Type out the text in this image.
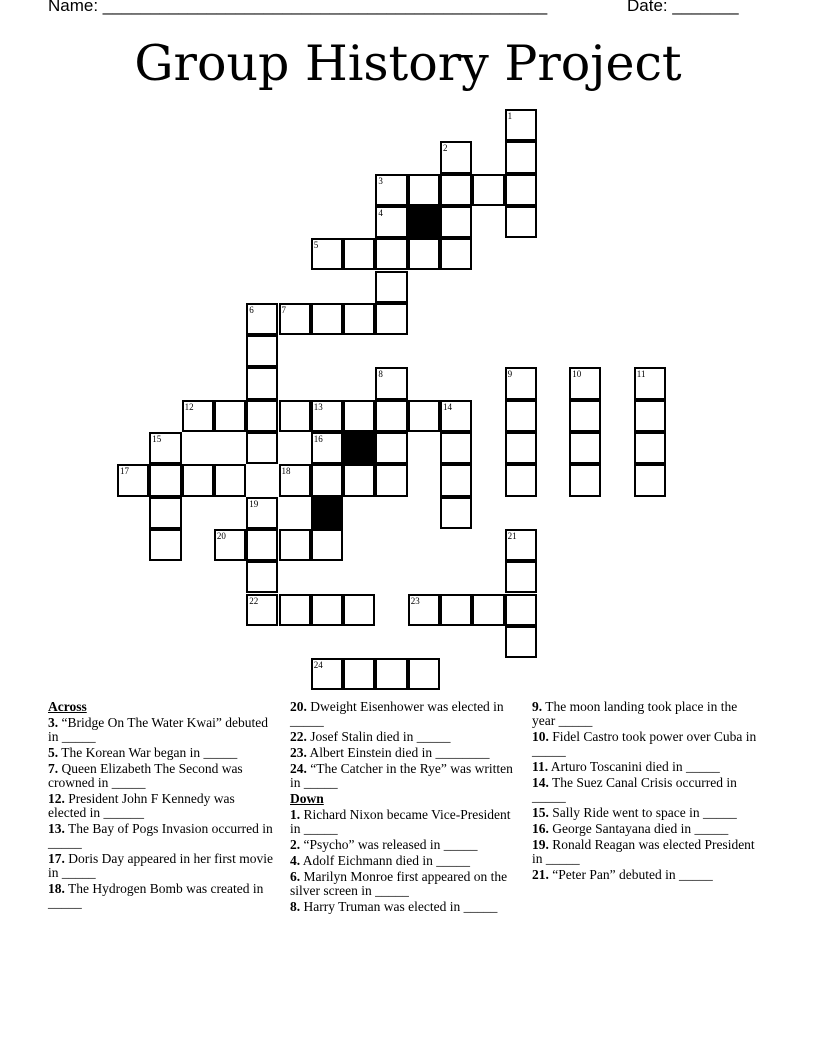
Name: _______________________________________________	Date: _______
Group History Project
3
5
7
12	13
17	18
20
22	23
24
1
2
4
6
8	9	10	11
14
15	16
19
21
Across
3. “Bridge On The Water Kwai” debuted in _____
5. The Korean War began in _____
7. Queen Elizabeth The Second was crowned in _____
12. President John F Kennedy was elected in ______
13. The Bay of Pogs Invasion occurred in _____
17. Doris Day appeared in her first movie in _____
18. The Hydrogen Bomb was created in _____
20. Dweight Eisenhower was elected in _____
22. Josef Stalin died in _____
23. Albert Einstein died in ________
24. “The Catcher in the Rye” was written in _____
Down
1. Richard Nixon became Vice-President in _____
2. “Psycho” was released in _____
4. Adolf Eichmann died in _____
6. Marilyn Monroe first appeared on the silver screen in _____
8. Harry Truman was elected in _____
9. The moon landing took place in the year _____
10. Fidel Castro took power over Cuba in _____
11. Arturo Toscanini died in _____
14. The Suez Canal Crisis occurred in _____
15. Sally Ride went to space in _____
16. George Santayana died in _____
19. Ronald Reagan was elected President in _____
21. “Peter Pan” debuted in _____
